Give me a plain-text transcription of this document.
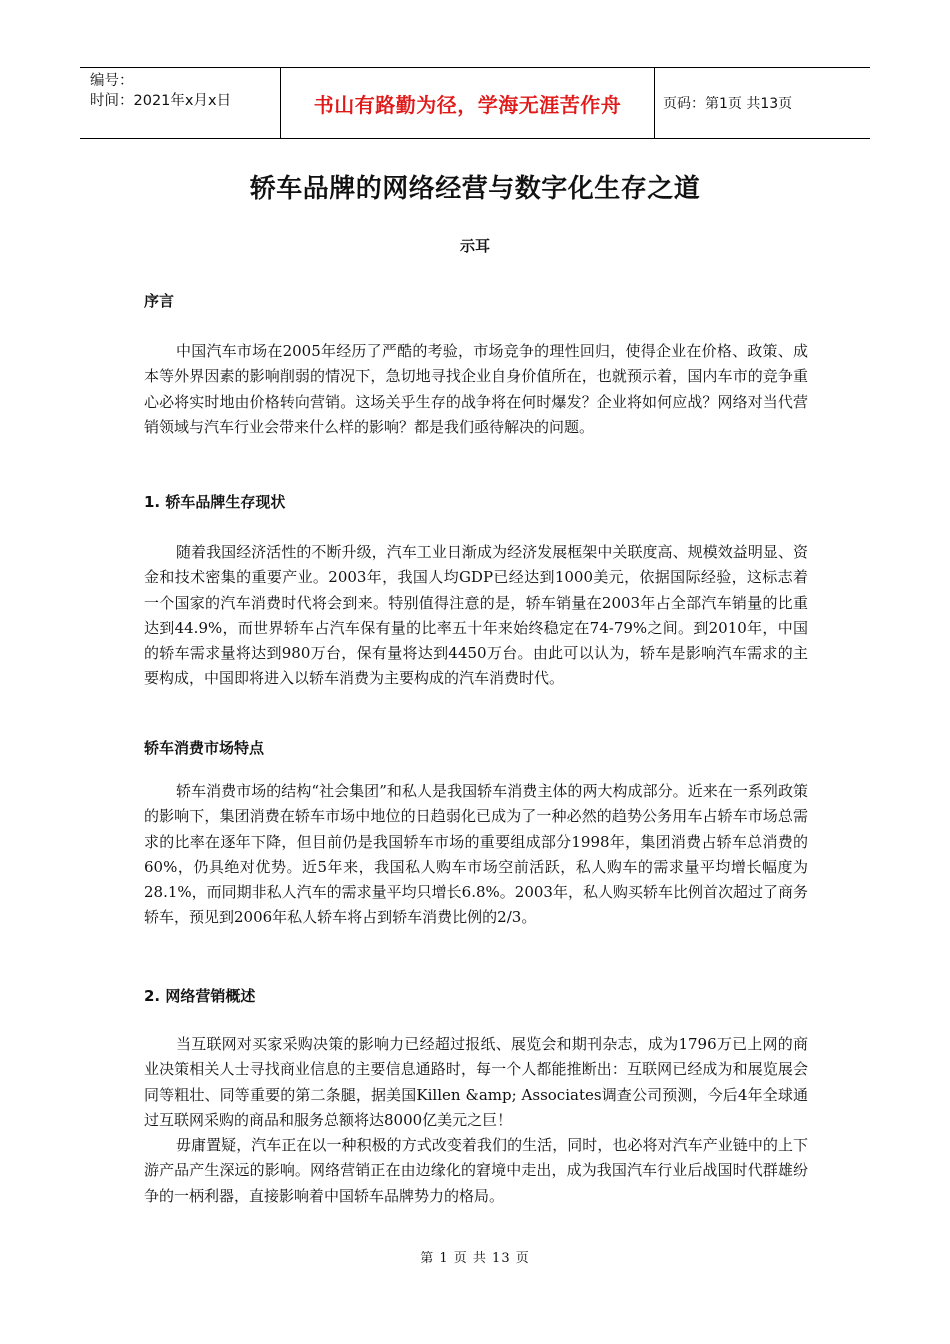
编号：
时间：2021年x月x日	书山有路勤为径，学海无涯苦作舟	页码：第1页 共13页
轿车品牌的网络经营与数字化生存之道
示耳
序言

中国汽车市场在2005年经历了严酷的考验，市场竞争的理性回归，使得企业在价格、政策、成本等外界因素的影响削弱的情况下，急切地寻找企业自身价值所在，也就预示着，国内车市的竞争重心必将实时地由价格转向营销。这场关乎生存的战争将在何时爆发？企业将如何应战？网络对当代营销领域与汽车行业会带来什么样的影响？都是我们亟待解决的问题。

1. 轿车品牌生存现状

随着我国经济活性的不断升级，汽车工业日渐成为经济发展框架中关联度高、规模效益明显、资金和技术密集的重要产业。2003年，我国人均GDP已经达到1000美元，依据国际经验，这标志着一个国家的汽车消费时代将会到来。特别值得注意的是，轿车销量在2003年占全部汽车销量的比重达到44.9%，而世界轿车占汽车保有量的比率五十年来始终稳定在74-79%之间。到2010年，中国的轿车需求量将达到980万台，保有量将达到4450万台。由此可以认为，轿车是影响汽车需求的主要构成，中国即将进入以轿车消费为主要构成的汽车消费时代。

轿车消费市场特点

轿车消费市场的结构“社会集团”和私人是我国轿车消费主体的两大构成部分。近来在一系列政策的影响下，集团消费在轿车市场中地位的日趋弱化已成为了一种必然的趋势公务用车占轿车市场总需求的比率在逐年下降，但目前仍是我国轿车市场的重要组成部分1998年，集团消费占轿车总消费的60%，仍具绝对优势。近5年来，我国私人购车市场空前活跃，私人购车的需求量平均增长幅度为28.1%，而同期非私人汽车的需求量平均只增长6.8%。2003年，私人购买轿车比例首次超过了商务轿车，预见到2006年私人轿车将占到轿车消费比例的2/3。

2. 网络营销概述

当互联网对买家采购决策的影响力已经超过报纸、展览会和期刊杂志，成为1796万已上网的商业决策相关人士寻找商业信息的主要信息通路时，每一个人都能推断出：互联网已经成为和展览展会同等粗壮、同等重要的第二条腿，据美国Killen &amp; Associates调查公司预测，今后4年全球通过互联网采购的商品和服务总额将达8000亿美元之巨！

毋庸置疑，汽车正在以一种积极的方式改变着我们的生活，同时，也必将对汽车产业链中的上下游产品产生深远的影响。网络营销正在由边缘化的窘境中走出，成为我国汽车行业后战国时代群雄纷争的一柄利器，直接影响着中国轿车品牌势力的格局。

第 1 页 共 13 页
